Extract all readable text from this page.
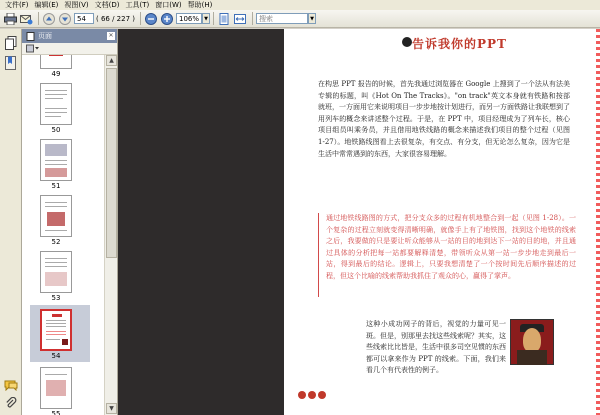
文件(F) 编辑(E) 视图(V) 文档(D) 工具(T) 窗口(W) 帮助(H)
54
( 66 / 227 )
106%	▼
搜索	▼
页面	✕
49
50
51
52
53
54
55
▲
▼
告诉我你的PPT
在构思 PPT 报告的时候，首先我通过浏览器在 Google 上搜到了一个法从有法美专辑的标题，叫《Hot On The Tracks》。"on track"英文本身就有铁路和按部就班，一方面用它来说明项目一步步地按计划进行，而另一方面铁路让我联想到了用列车的概念来讲述整个过程。于是，在 PPT 中，项目经理成为了列车长，核心项目组员叫乘务员，并且借用地铁线路的概念来描述我们项目的整个过程（见图 1-27）。地铁路线图看上去很复杂，有交点、有分支，但无论怎么复杂，因为它是生活中常常遇到的东西，大家很容易理解。
通过地铁线路图的方式，把分支众多的过程有机地整合到一起（见图 1-28）。一个复杂的过程立刻就变得清晰明确，就像手上有了地铁图，找到这个地铁的线索之后，我要做的只是要让听众能够从一站的目的地到达下一站的目的地，并且通过具体的分析把每一站都要解释清楚，带领听众从第一站一步步地走到最后一站，得到最后的结论。逻辑上，只要我想清楚了一个按时间先后顺序描述的过程，但这个比喻的线索帮助我抓住了观众的心，赢得了掌声。
这种小成功网子的背后，视觉的力量可见一斑。但是，别那里去找这些线索呢？其实，这些线索比比皆是，生活中很多司空见惯的东西都可以拿来作为 PPT 的线索。下面，我们来看几个有代表性的例子。
